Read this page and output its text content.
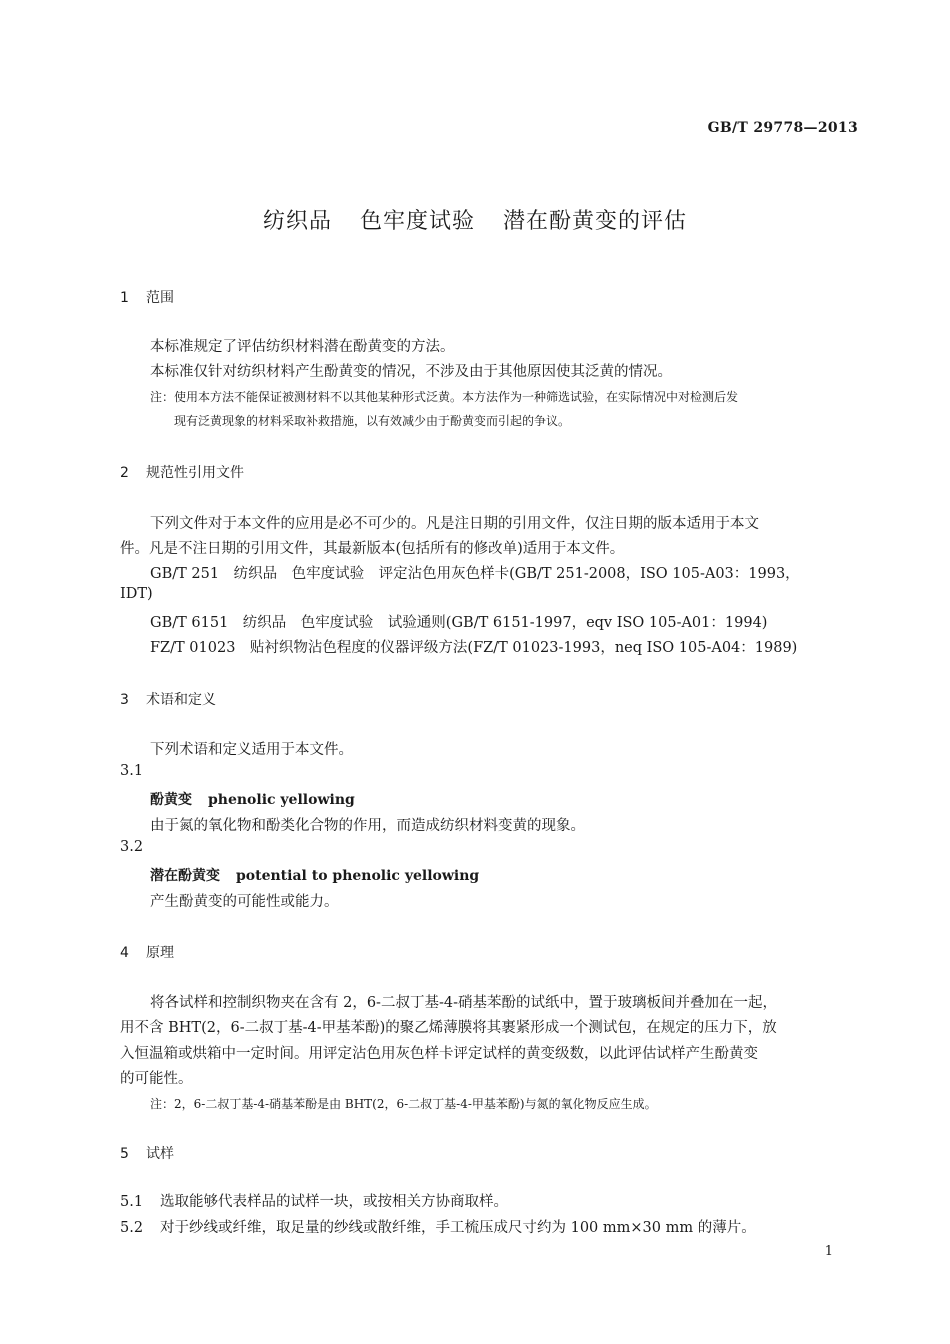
GB/T 29778—2013
纺织品 色牢度试验 潜在酚黄变的评估
1 范围
本标准规定了评估纺织材料潜在酚黄变的方法。
本标准仅针对纺织材料产生酚黄变的情况，不涉及由于其他原因使其泛黄的情况。
注：使用本方法不能保证被测材料不以其他某种形式泛黄。本方法作为一种筛选试验，在实际情况中对检测后发
现有泛黄现象的材料采取补救措施，以有效减少由于酚黄变而引起的争议。
2 规范性引用文件
下列文件对于本文件的应用是必不可少的。凡是注日期的引用文件，仅注日期的版本适用于本文
件。凡是不注日期的引用文件，其最新版本(包括所有的修改单)适用于本文件。
GB/T 251　纺织品　色牢度试验　评定沾色用灰色样卡(GB/T 251-2008，ISO 105-A03：1993，
IDT)
GB/T 6151　纺织品　色牢度试验　试验通则(GB/T 6151-1997，eqv ISO 105-A01：1994)
FZ/T 01023　贴衬织物沾色程度的仪器评级方法(FZ/T 01023-1993，neq ISO 105-A04：1989)
3 术语和定义
下列术语和定义适用于本文件。
3.1
酚黄变 phenolic yellowing
由于氮的氧化物和酚类化合物的作用，而造成纺织材料变黄的现象。
3.2
潜在酚黄变 potential to phenolic yellowing
产生酚黄变的可能性或能力。
4 原理
将各试样和控制织物夹在含有 2，6-二叔丁基-4-硝基苯酚的试纸中，置于玻璃板间并叠加在一起，
用不含 BHT(2，6-二叔丁基-4-甲基苯酚)的聚乙烯薄膜将其裹紧形成一个测试包，在规定的压力下，放
入恒温箱或烘箱中一定时间。用评定沾色用灰色样卡评定试样的黄变级数，以此评估试样产生酚黄变
的可能性。
注：2，6-二叔丁基-4-硝基苯酚是由 BHT(2，6-二叔丁基-4-甲基苯酚)与氮的氧化物反应生成。
5 试样
5.1 选取能够代表样品的试样一块，或按相关方协商取样。
5.2 对于纱线或纤维，取足量的纱线或散纤维，手工梳压成尺寸约为 100 mm×30 mm 的薄片。
1
